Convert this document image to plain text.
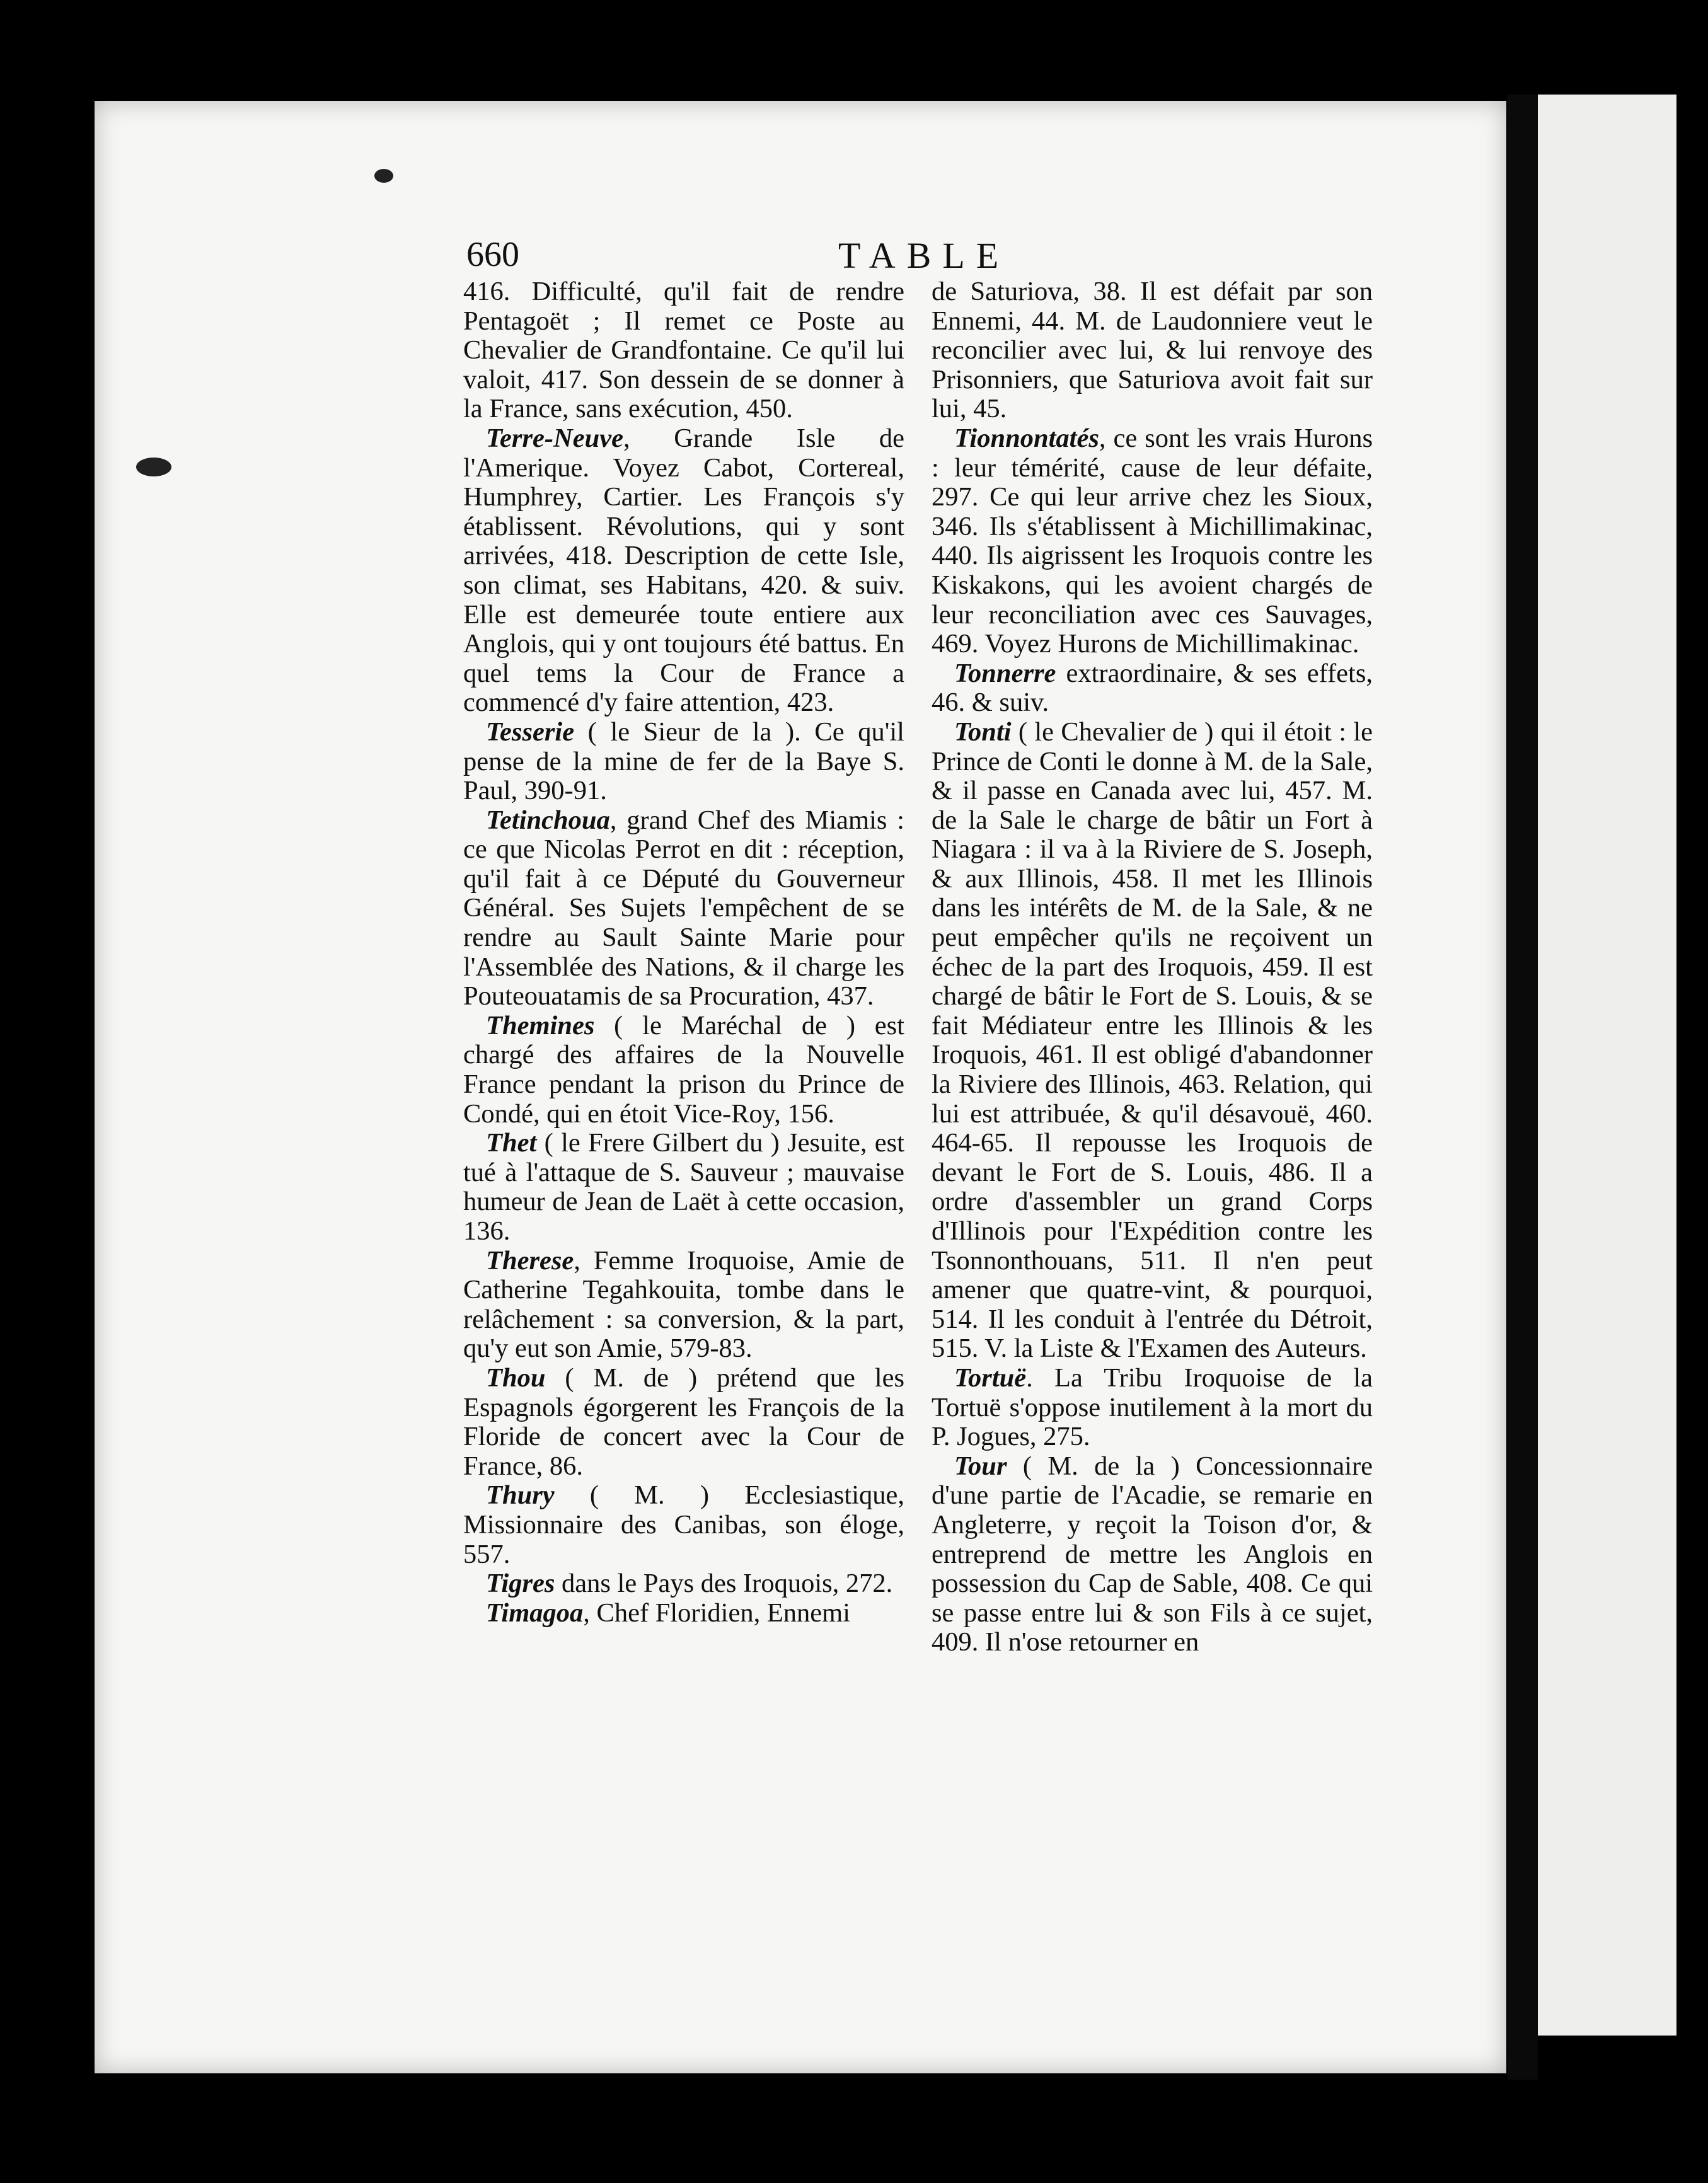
660	TABLE

416. Difficulté, qu'il fait de rendre Pentagoët ; Il remet ce Poste au Chevalier de Grandfontaine. Ce qu'il lui valoit, 417. Son dessein de se donner à la France, sans exécution, 450.

Terre-Neuve, Grande Isle de l'Amerique. Voyez Cabot, Cortereal, Humphrey, Cartier. Les François s'y établissent. Révolutions, qui y sont arrivées, 418. Description de cette Isle, son climat, ses Habitans, 420. & suiv. Elle est demeurée toute entiere aux Anglois, qui y ont toujours été battus. En quel tems la Cour de France a commencé d'y faire attention, 423.

Tesserie ( le Sieur de la ). Ce qu'il pense de la mine de fer de la Baye S. Paul, 390-91.

Tetinchoua, grand Chef des Miamis : ce que Nicolas Perrot en dit : réception, qu'il fait à ce Député du Gouverneur Général. Ses Sujets l'empêchent de se rendre au Sault Sainte Marie pour l'Assemblée des Nations, & il charge les Pouteouatamis de sa Procuration, 437.

Themines ( le Maréchal de ) est chargé des affaires de la Nouvelle France pendant la prison du Prince de Condé, qui en étoit Vice-Roy, 156.

Thet ( le Frere Gilbert du ) Jesuite, est tué à l'attaque de S. Sauveur ; mauvaise humeur de Jean de Laët à cette occasion, 136.

Therese, Femme Iroquoise, Amie de Catherine Tegahkouita, tombe dans le relâchement : sa conversion, & la part, qu'y eut son Amie, 579-83.

Thou ( M. de ) prétend que les Espagnols égorgerent les François de la Floride de concert avec la Cour de France, 86.

Thury ( M. ) Ecclesiastique, Missionnaire des Canibas, son éloge, 557.

Tigres dans le Pays des Iroquois, 272.

Timagoa, Chef Floridien, Ennemi

de Saturiova, 38. Il est défait par son Ennemi, 44. M. de Laudonniere veut le reconcilier avec lui, & lui renvoye des Prisonniers, que Saturiova avoit fait sur lui, 45.

Tionnontatés, ce sont les vrais Hurons : leur témérité, cause de leur défaite, 297. Ce qui leur arrive chez les Sioux, 346. Ils s'établissent à Michillimakinac, 440. Ils aigrissent les Iroquois contre les Kiskakons, qui les avoient chargés de leur reconciliation avec ces Sauvages, 469. Voyez Hurons de Michillimakinac.

Tonnerre extraordinaire, & ses effets, 46. & suiv.

Tonti ( le Chevalier de ) qui il étoit : le Prince de Conti le donne à M. de la Sale, & il passe en Canada avec lui, 457. M. de la Sale le charge de bâtir un Fort à Niagara : il va à la Riviere de S. Joseph, & aux Illinois, 458. Il met les Illinois dans les intérêts de M. de la Sale, & ne peut empêcher qu'ils ne reçoivent un échec de la part des Iroquois, 459. Il est chargé de bâtir le Fort de S. Louis, & se fait Médiateur entre les Illinois & les Iroquois, 461. Il est obligé d'abandonner la Riviere des Illinois, 463. Relation, qui lui est attribuée, & qu'il désavouë, 460. 464-65. Il repousse les Iroquois de devant le Fort de S. Louis, 486. Il a ordre d'assembler un grand Corps d'Illinois pour l'Expédition contre les Tsonnonthouans, 511. Il n'en peut amener que quatre-vint, & pourquoi, 514. Il les conduit à l'entrée du Détroit, 515. V. la Liste & l'Examen des Auteurs.

Tortuë. La Tribu Iroquoise de la Tortuë s'oppose inutilement à la mort du P. Jogues, 275.

Tour ( M. de la ) Concessionnaire d'une partie de l'Acadie, se remarie en Angleterre, y reçoit la Toison d'or, & entreprend de mettre les Anglois en possession du Cap de Sable, 408. Ce qui se passe entre lui & son Fils à ce sujet, 409. Il n'ose retourner en
